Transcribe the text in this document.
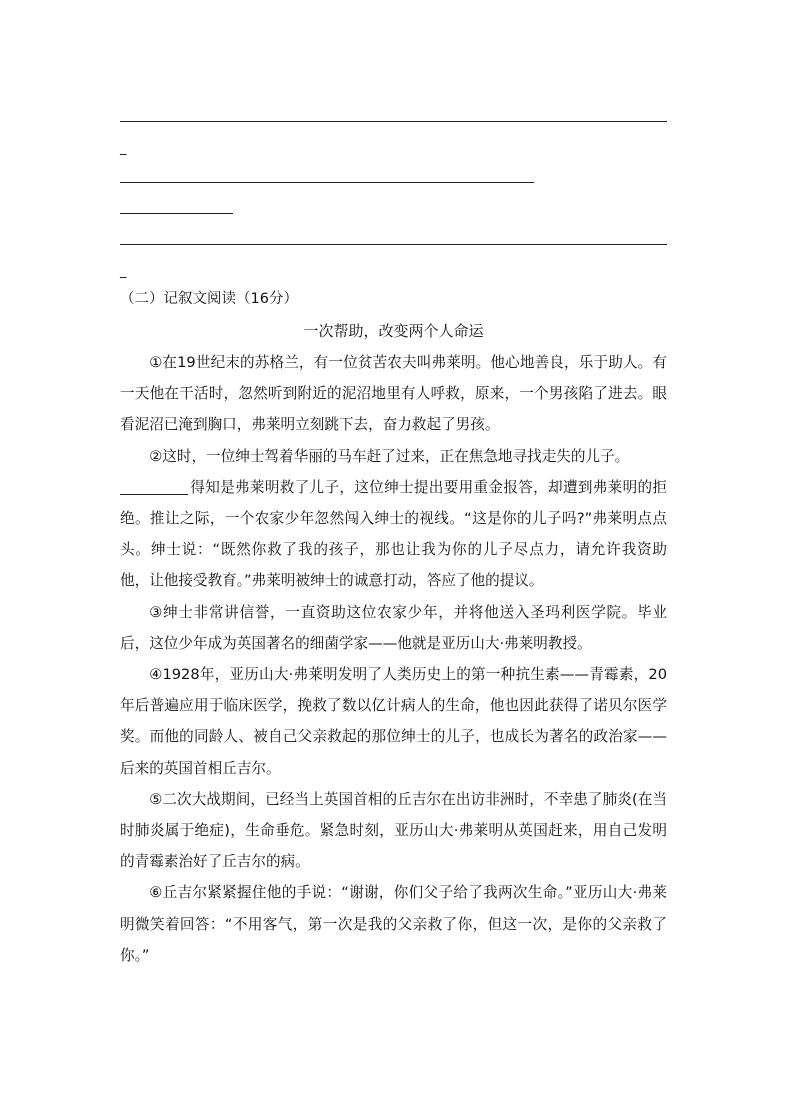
_
_
（二）记叙文阅读（16分）
一次帮助，改变两个人命运

①在19世纪末的苏格兰，有一位贫苦农夫叫弗莱明。他心地善良，乐于助人。有一天他在干活时，忽然听到附近的泥沼地里有人呼救，原来，一个男孩陷了进去。眼看泥沼已淹到胸口，弗莱明立刻跳下去，奋力救起了男孩。

②这时，一位绅士驾着华丽的马车赶了过来，正在焦急地寻找走失的儿子。

得知是弗莱明救了儿子，这位绅士提出要用重金报答，却遭到弗莱明的拒绝。推让之际，一个农家少年忽然闯入绅士的视线。“这是你的儿子吗?”弗莱明点点头。绅士说：“既然你救了我的孩子，那也让我为你的儿子尽点力，请允许我资助他，让他接受教育。”弗莱明被绅士的诚意打动，答应了他的提议。

③绅士非常讲信誉，一直资助这位农家少年，并将他送入圣玛利医学院。毕业后，这位少年成为英国著名的细菌学家——他就是亚历山大·弗莱明教授。

④1928年，亚历山大·弗莱明发明了人类历史上的第一种抗生素——青霉素，20年后普遍应用于临床医学，挽救了数以亿计病人的生命，他也因此获得了诺贝尔医学奖。而他的同龄人、被自己父亲救起的那位绅士的儿子，也成长为著名的政治家——后来的英国首相丘吉尔。

⑤二次大战期间，已经当上英国首相的丘吉尔在出访非洲时，不幸患了肺炎(在当时肺炎属于绝症)，生命垂危。紧急时刻，亚历山大·弗莱明从英国赶来，用自己发明的青霉素治好了丘吉尔的病。

⑥丘吉尔紧紧握住他的手说：“谢谢，你们父子给了我两次生命。”亚历山大·弗莱明微笑着回答：“不用客气，第一次是我的父亲救了你，但这一次，是你的父亲救了你。”
